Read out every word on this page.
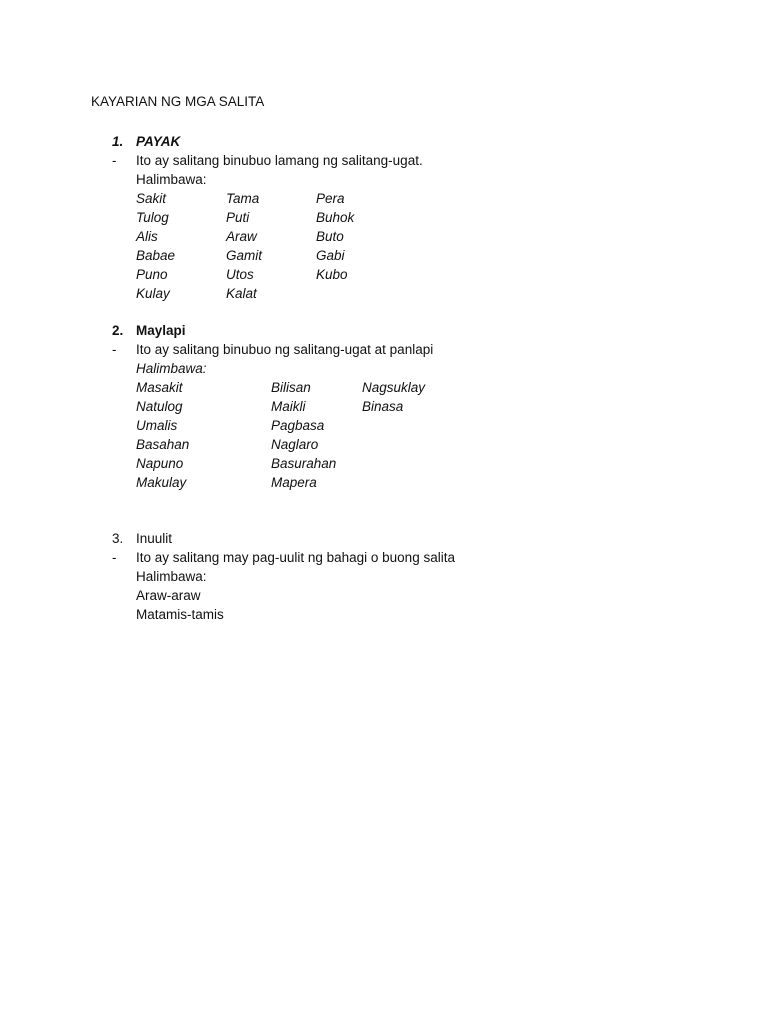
KAYARIAN NG MGA SALITA
1. PAYAK
- Ito ay salitang binubuo lamang ng salitang-ugat.
Halimbawa:
Sakit
Tulog
Alis
Babae
Puno
Kulay
Tama
Puti
Araw
Gamit
Utos
Kalat
Pera
Buhok
Buto
Gabi
Kubo
2. Maylapi
- Ito ay salitang binubuo ng salitang-ugat at panlapi
Halimbawa:
Masakit
Natulog
Umalis
Basahan
Napuno
Makulay
Bilisan
Maikli
Pagbasa
Naglaro
Basurahan
Mapera
Nagsuklay
Binasa
3. Inuulit
- Ito ay salitang may pag-uulit ng bahagi o buong salita
Halimbawa:
Araw-araw
Matamis-tamis
